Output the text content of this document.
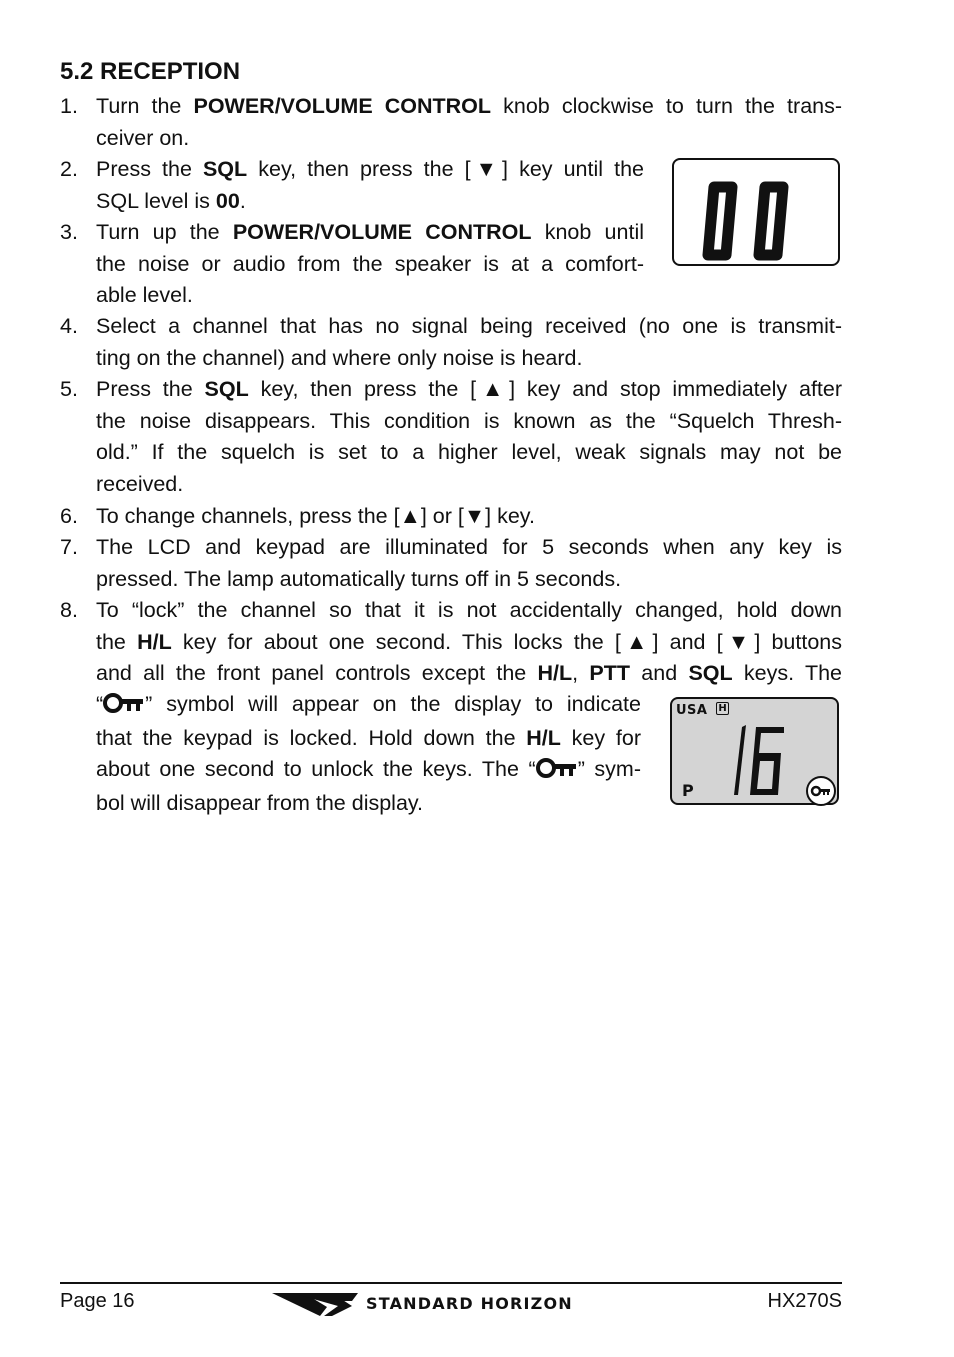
5.2 RECEPTION
1. Turn the POWER/VOLUME CONTROL knob clockwise to turn the trans-
ceiver on.
2. Press the SQL key, then press the [▼] key until the
SQL level is 00.
3. Turn up the POWER/VOLUME CONTROL knob until
the noise or audio from the speaker is at a comfort-
able level.
4. Select a channel that has no signal being received (no one is transmit-
ting on the channel) and where only noise is heard.
5. Press the SQL key, then press the [▲] key and stop immediately after
the noise disappears. This condition is known as the “Squelch Thresh-
old.” If the squelch is set to a higher level, weak signals may not be
received.
6. To change channels, press the [▲] or [▼] key.
7. The LCD and keypad are illuminated for 5 seconds when any key is
pressed. The lamp automatically turns off in 5 seconds.
8. To “lock” the channel so that it is not accidentally changed, hold down
the H/L key for about one second. This locks the [▲] and [▼] buttons
and all the front panel controls except the H/L, PTT and SQL keys. The
“ ” symbol will appear on the display to indicate
that the keypad is locked. Hold down the H/L key for
about one second to unlock the keys. The “ ” sym-
bol will disappear from the display.
USA H
P
Page 16	STANDARD HORIZON	HX270S
